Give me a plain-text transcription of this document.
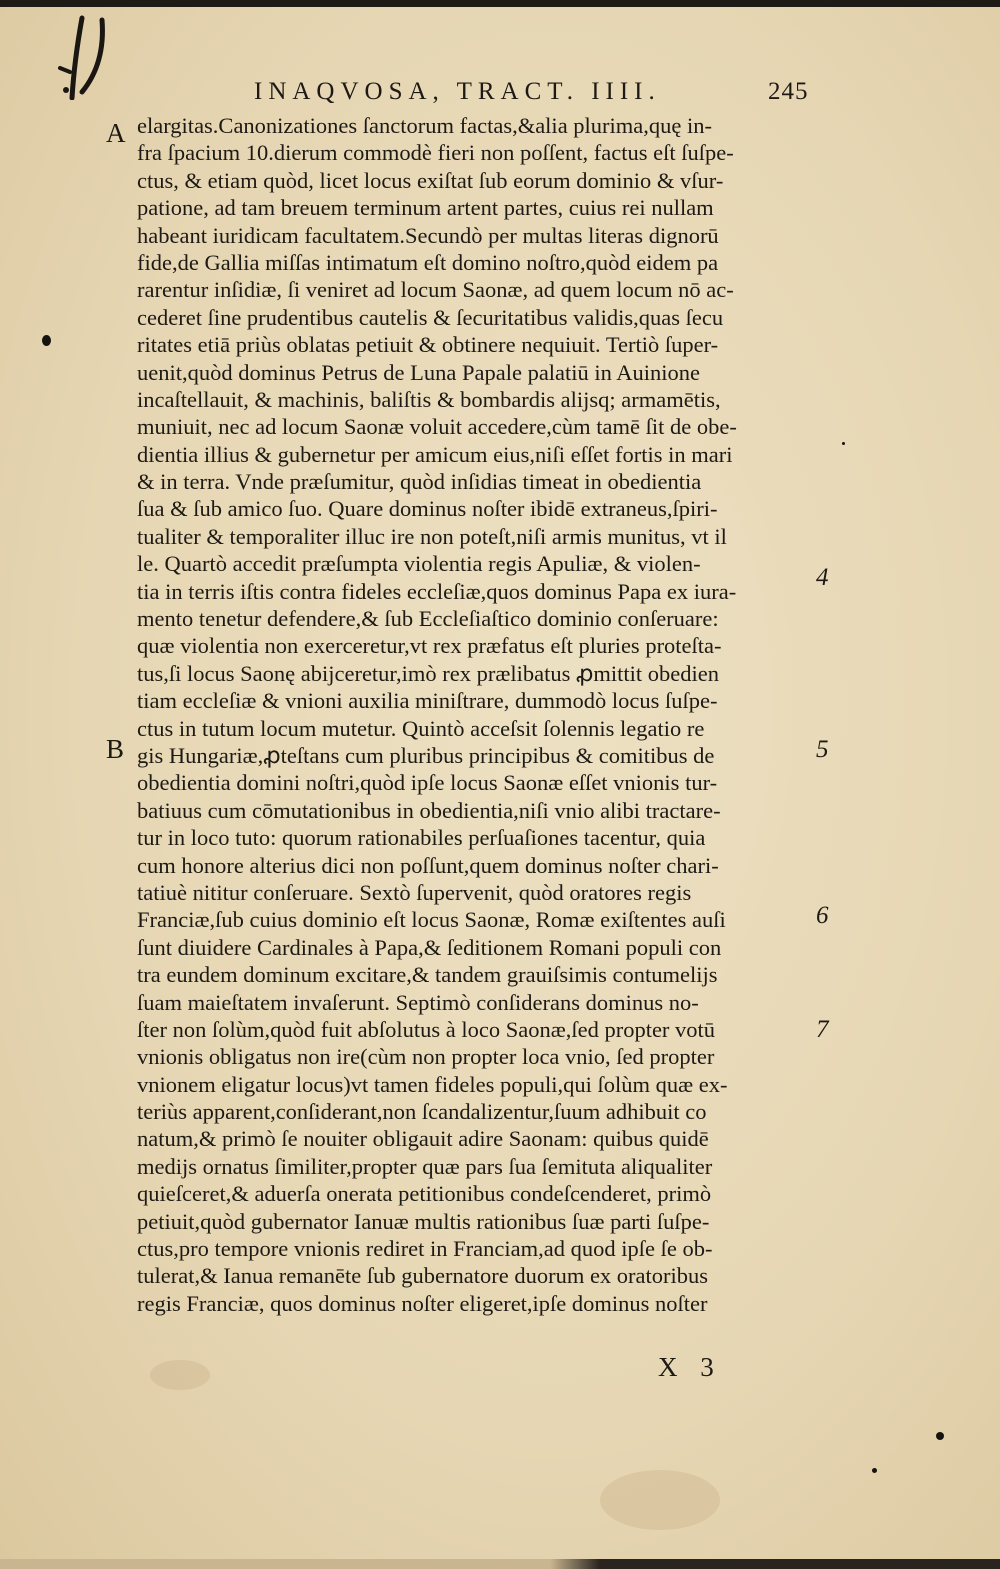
INAQVOSA, TRACT. IIII.	245
A
B
4
5
6
7
elargitas.Canonizationes ſanctorum factas,&alia plurima,quę in-
fra ſpacium 10.dierum commodè fieri non poſſent, factus eſt ſuſpe-
ctus, & etiam quòd, licet locus exiſtat ſub eorum dominio & vſur-
patione, ad tam breuem terminum artent partes, cuius rei nullam
habeant iuridicam facultatem.Secundò per multas literas dignorū
fide,de Gallia miſſas intimatum eſt domino noſtro,quòd eidem pa
rarentur inſidiæ, ſi veniret ad locum Saonæ, ad quem locum nō ac-
cederet ſine prudentibus cautelis & ſecuritatibus validis,quas ſecu
ritates etiā priùs oblatas petiuit & obtinere nequiuit. Tertiò ſuper-
uenit,quòd dominus Petrus de Luna Papale palatiū in Auinione
incaſtellauit, & machinis, baliſtis & bombardis alijsq; armamētis,
muniuit, nec ad locum Saonæ voluit accedere,cùm tamē ſit de obe-
dientia illius & gubernetur per amicum eius,niſi eſſet fortis in mari
& in terra. Vnde præſumitur, quòd inſidias timeat in obedientia
ſua & ſub amico ſuo. Quare dominus noſter ibidē extraneus,ſpiri-
tualiter & temporaliter illuc ire non poteſt,niſi armis munitus, vt il
le. Quartò accedit præſumpta violentia regis Apuliæ, & violen-
tia in terris iſtis contra fideles eccleſiæ,quos dominus Papa ex iura-
mento tenetur defendere,& ſub Eccleſiaſtico dominio conſeruare:
quæ violentia non exerceretur,vt rex præfatus eſt pluries proteſta-
tus,ſi locus Saonę abijceretur,imò rex prælibatus ꝓmittit obedien
tiam eccleſiæ & vnioni auxilia miniſtrare, dummodò locus ſuſpe-
ctus in tutum locum mutetur. Quintò acceſsit ſolennis legatio re
gis Hungariæ,ꝓteſtans cum pluribus principibus & comitibus de
obedientia domini noſtri,quòd ipſe locus Saonæ eſſet vnionis tur-
batiuus cum cōmutationibus in obedientia,niſi vnio alibi tractare-
tur in loco tuto: quorum rationabiles perſuaſiones tacentur, quia
cum honore alterius dici non poſſunt,quem dominus noſter chari-
tatiuè nititur conſeruare. Sextò ſupervenit, quòd oratores regis
Franciæ,ſub cuius dominio eſt locus Saonæ, Romæ exiſtentes auſi
ſunt diuidere Cardinales à Papa,& ſeditionem Romani populi con
tra eundem dominum excitare,& tandem grauiſsimis contumelijs
ſuam maieſtatem invaſerunt. Septimò conſiderans dominus no-
ſter non ſolùm,quòd fuit abſolutus à loco Saonæ,ſed propter votū
vnionis obligatus non ire(cùm non propter loca vnio, ſed propter
vnionem eligatur locus)vt tamen fideles populi,qui ſolùm quæ ex-
teriùs apparent,conſiderant,non ſcandalizentur,ſuum adhibuit co
natum,& primò ſe nouiter obligauit adire Saonam: quibus quidē
medijs ornatus ſimiliter,propter quæ pars ſua ſemituta aliqualiter
quieſceret,& aduerſa onerata petitionibus condeſcenderet, primò
petiuit,quòd gubernator Ianuæ multis rationibus ſuæ parti ſuſpe-
ctus,pro tempore vnionis rediret in Franciam,ad quod ipſe ſe ob-
tulerat,& Ianua remanēte ſub gubernatore duorum ex oratoribus
regis Franciæ, quos dominus noſter eligeret,ipſe dominus noſter
X 3
